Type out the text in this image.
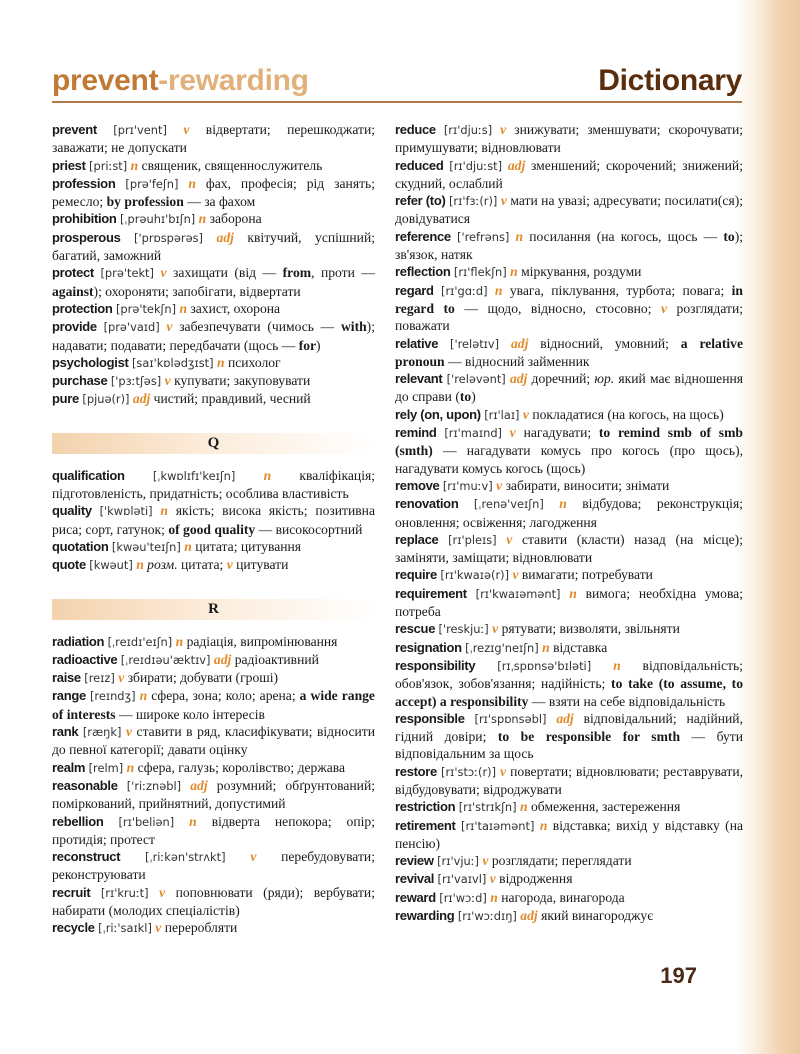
prevent-rewarding	Dictionary

prevent [prɪ'vent] v відвертати; перешкоджати; заважати; не допускати

priest [priːst] n священик, священнослужитель

profession [prə'feʃn] n фах, професія; рід занять; ремесло; by profession — за фахом

prohibition [ˌprəuhɪ'bɪʃn] n заборона

prosperous ['prɒspərəs] adj квітучий, успішний; багатий, заможний

protect [prə'tekt] v захищати (від — from, проти — against); охороняти; запобігати, відвертати

protection [prə'tekʃn] n захист, охорона

provide [prə'vaɪd] v забезпечувати (чимось — with); надавати; подавати; передбачати (щось — for)

psychologist [saɪ'kɒlədʒɪst] n психолог

purchase ['pɜːtʃəs] v купувати; закуповувати

pure [pjuə(r)] adj чистий; правдивий, чесний

Q

qualification [ˌkwɒlɪfɪ'keɪʃn] n кваліфікація; підготовленість, придатність; особлива властивість

quality ['kwɒləti] n якість; висока якість; позитивна риса; сорт, гатунок; of good quality — високосортний

quotation [kwəu'teɪʃn] n цитата; цитування

quote [kwəut] n розм. цитата; v цитувати

R

radiation [ˌreɪdɪ'eɪʃn] n радіація, випромінювання

radioactive [ˌreɪdɪəu'æktɪv] adj радіоактивний

raise [reɪz] v збирати; добувати (гроші)

range [reɪndʒ] n сфера, зона; коло; арена; a wide range of interests — широке коло інтересів

rank [ræŋk] v ставити в ряд, класифікувати; відносити до певної категорії; давати оцінку

realm [relm] n сфера, галузь; королівство; держава

reasonable ['riːznəbl] adj розумний; обґрунтований; поміркований, прийнятний, допустимий

rebellion [rɪ'beliən] n відверта непокора; опір; протидія; протест

reconstruct [ˌriːkən'strʌkt] v перебудовувати; реконструювати

recruit [rɪ'kruːt] v поповнювати (ряди); вербувати; набирати (молодих спеціалістів)

recycle [ˌriː'saɪkl] v переробляти

reduce [rɪ'djuːs] v знижувати; зменшувати; скорочувати; примушувати; відновлювати

reduced [rɪ'djuːst] adj зменшений; скорочений; знижений; скудний, ослаблий

refer (to) [rɪ'fɜː(r)] v мати на увазі; адресувати; посилати(ся); довідуватися

reference ['refrəns] n посилання (на когось, щось — to); зв'язок, натяк

reflection [rɪ'flekʃn] n міркування, роздуми

regard [rɪ'gɑːd] n увага, піклування, турбота; повага; in regard to — щодо, відносно, стосовно; v розглядати; поважати

relative ['relətɪv] adj відносний, умовний; a relative pronoun — відносний займенник

relevant ['reləvənt] adj доречний; юр. який має відношення до справи (to)

rely (on, upon) [rɪ'laɪ] v покладатися (на когось, на щось)

remind [rɪ'maɪnd] v нагадувати; to remind smb of smb (smth) — нагадувати комусь про когось (про щось), нагадувати комусь когось (щось)

remove [rɪ'muːv] v забирати, виносити; знімати

renovation [ˌrenə'veɪʃn] n відбудова; реконструкція; оновлення; освіження; лагодження

replace [rɪ'pleɪs] v ставити (класти) назад (на місце); заміняти, заміщати; відновлювати

require [rɪ'kwaɪə(r)] v вимагати; потребувати

requirement [rɪ'kwaɪəmənt] n вимога; необхідна умова; потреба

rescue ['reskjuː] v рятувати; визволяти, звільняти

resignation [ˌrezɪg'neɪʃn] n відставка

responsibility [rɪˌspɒnsə'bɪləti] n відповідальність; обов'язок, зобов'язання; надійність; to take (to assume, to accept) a responsibility — взяти на себе відповідальність

responsible [rɪ'spɒnsəbl] adj відповідальний; надійний, гідний довіри; to be responsible for smth — бути відповідальним за щось

restore [rɪ'stɔː(r)] v повертати; відновлювати; реставрувати, відбудовувати; відроджувати

restriction [rɪ'strɪkʃn] n обмеження, застереження

retirement [rɪ'taɪəmənt] n відставка; вихід у відставку (на пенсію)

review [rɪ'vjuː] v розглядати; переглядати

revival [rɪ'vaɪvl] v відродження

reward [rɪ'wɔːd] n нагорода, винагорода

rewarding [rɪ'wɔːdɪŋ] adj який винагороджує

197
